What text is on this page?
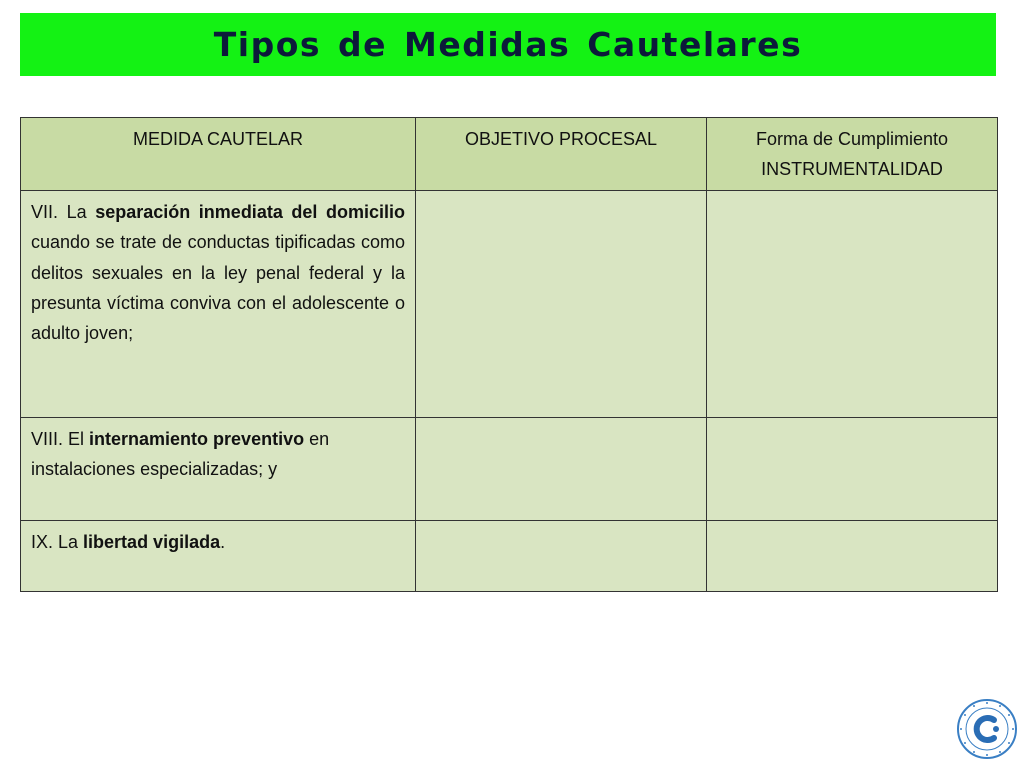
Tipos de Medidas Cautelares
MEDIDA CAUTELAR	OBJETIVO PROCESAL	Forma de Cumplimiento
INSTRUMENTALIDAD

VII. La separación inmediata del domicilio cuando se trate de conductas tipificadas como delitos sexuales en la ley penal federal y la presunta víctima conviva con el adolescente o adulto joven;		
VIII. El internamiento preventivo en instalaciones especializadas; y		
IX. La libertad vigilada.		
